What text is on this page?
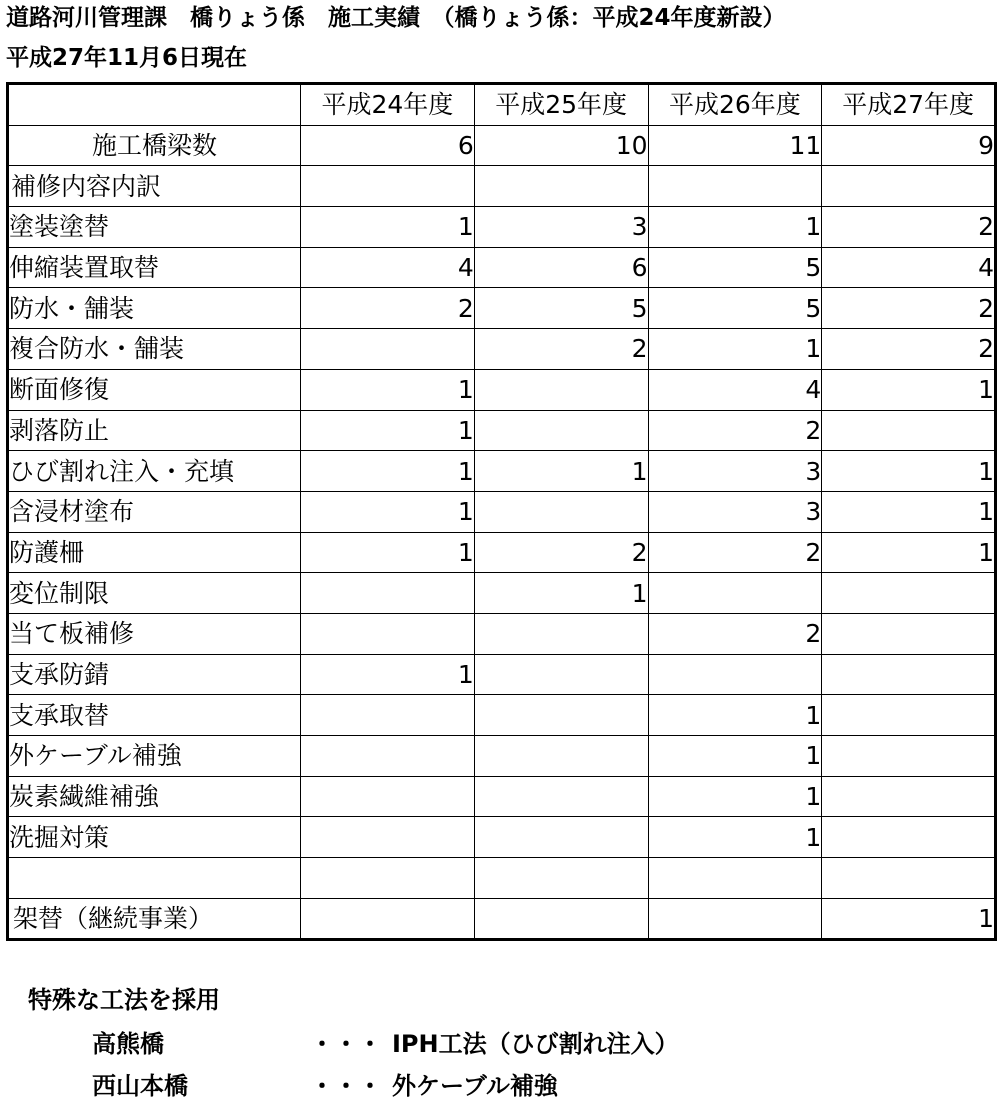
道路河川管理課　橋りょう係　施工実績　（橋りょう係：平成24年度新設）
平成27年11月6日現在
	平成24年度	平成25年度	平成26年度	平成27年度
施工橋梁数	6	10	11	9
補修内容内訳				
塗装塗替	1	3	1	2
伸縮装置取替	4	6	5	4
防水・舗装	2	5	5	2
複合防水・舗装		2	1	2
断面修復	1		4	1
剥落防止	1		2	
ひび割れ注入・充填	1	1	3	1
含浸材塗布	1		3	1
防護柵	1	2	2	1
変位制限		1		
当て板補修			2	
支承防錆	1			
支承取替			1	
外ケーブル補強			1	
炭素繊維補強			1	
洗掘対策			1	

架替（継続事業）				1
特殊な工法を採用
高熊橋	・・・ IPH工法（ひび割れ注入）
西山本橋	・・・ 外ケーブル補強
